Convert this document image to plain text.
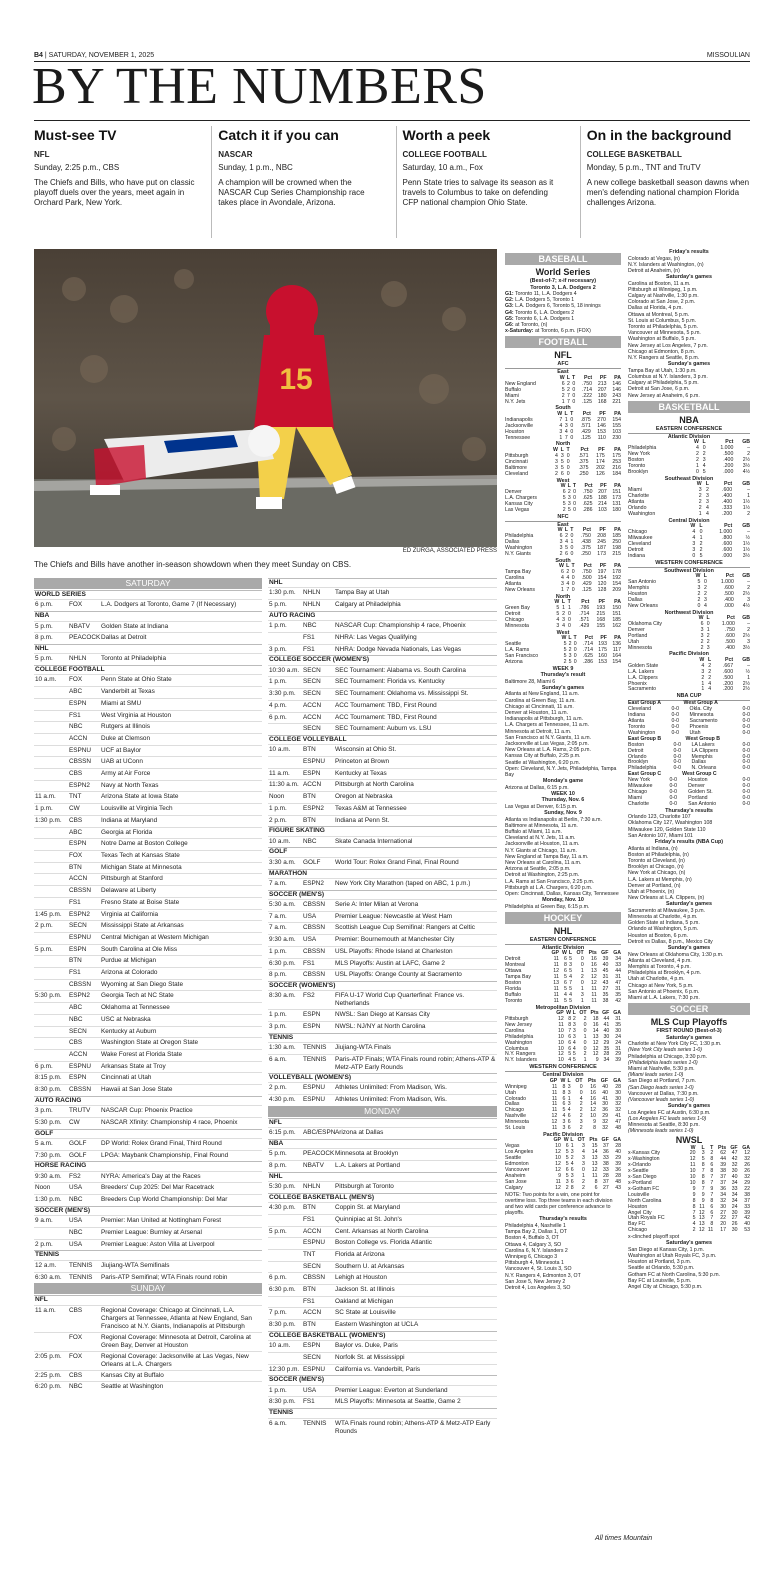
B4 | SATURDAY, NOVEMBER 1, 2025	MISSOULIAN
BY THE NUMBERS
Must-see TV
NFL
Sunday, 2:25 p.m., CBS
The Chiefs and Bills, who have put on classic playoff duels over the years, meet again in Orchard Park, New York.
Catch it if you can
NASCAR
Sunday, 1 p.m., NBC
A champion will be crowned when the NASCAR Cup Series Championship race takes place in Avondale, Arizona.
Worth a peek
COLLEGE FOOTBALL
Saturday, 10 a.m., Fox
Penn State tries to salvage its season as it travels to Columbus to take on defending CFP national champion Ohio State.
On in the background
COLLEGE BASKETBALL
Monday, 5 p.m., TNT and TruTV
A new college basketball season dawns when men's defending national champion Florida challenges Arizona.
15
ED ZURGA, ASSOCIATED PRESS
The Chiefs and Bills have another in-season showdown when they meet Sunday on CBS.
SATURDAY
WORLD SERIES
6 p.m.	FOX	L.A. Dodgers at Toronto, Game 7 (If Necessary)
NBA
5 p.m.	NBATV	Golden State at Indiana
8 p.m.	PEACOCK Dallas at Detroit
NHL
5 p.m.	NHLN	Toronto at Philadelphia
COLLEGE FOOTBALL
10 a.m.	FOX	Penn State at Ohio State
ABC	Vanderbilt at Texas
ESPN	Miami at SMU
FS1	West Virginia at Houston
NBC	Rutgers at Illinois
ACCN	Duke at Clemson
ESPNU	UCF at Baylor
CBSSN	UAB at UConn
CBS	Army at Air Force
ESPN2	Navy at North Texas
11 a.m.	TNT	Arizona State at Iowa State
1 p.m.	CW	Louisville at Virginia Tech
1:30 p.m.	CBS	Indiana at Maryland
ABC	Georgia at Florida
ESPN	Notre Dame at Boston College
FOX	Texas Tech at Kansas State
BTN	Michigan State at Minnesota
ACCN	Pittsburgh at Stanford
CBSSN	Delaware at Liberty
FS1	Fresno State at Boise State
1:45 p.m.	ESPN2	Virginia at California
2 p.m.	SECN	Mississippi State at Arkansas
ESPNU	Central Michigan at Western Michigan
5 p.m.	ESPN	South Carolina at Ole Miss
BTN	Purdue at Michigan
FS1	Arizona at Colorado
CBSSN	Wyoming at San Diego State
5:30 p.m.	ESPN2	Georgia Tech at NC State
ABC	Oklahoma at Tennessee
NBC	USC at Nebraska
SECN	Kentucky at Auburn
CBS	Washington State at Oregon State
ACCN	Wake Forest at Florida State
6 p.m.	ESPNU	Arkansas State at Troy
8:15 p.m.	ESPN	Cincinnati at Utah
8:30 p.m.	CBSSN	Hawaii at San Jose State
AUTO RACING
3 p.m.	TRUTV	NASCAR Cup: Phoenix Practice
5:30 p.m.	CW	NASCAR Xfinity: Championship 4 race, Phoenix
GOLF
5 a.m.	GOLF	DP World: Rolex Grand Final, Third Round
7:30 p.m.	GOLF	LPGA: Maybank Championship, Final Round
HORSE RACING
9:30 a.m.	FS2	NYRA: America's Day at the Races
Noon	USA	Breeders' Cup 2025: Del Mar Racetrack
1:30 p.m.	NBC	Breeders Cup World Championship: Del Mar
SOCCER (MEN'S)
9 a.m.	USA	Premier: Man United at Nottingham Forest
NBC	Premier League: Burnley at Arsenal
2 p.m.	USA	Premier League: Aston Villa at Liverpool
TENNIS
12 a.m.	TENNIS	Jiujiang-WTA Semifinals
6:30 a.m.	TENNIS	Paris-ATP Semifinal; WTA Finals round robin
SUNDAY
NFL
11 a.m.	CBS	Regional Coverage: Chicago at Cincinnati, L.A. Chargers at Tennessee, Atlanta at New England, San Francisco at N.Y. Giants, Indianapolis at Pittsburgh
FOX	Regional Coverage: Minnesota at Detroit, Carolina at Green Bay, Denver at Houston
2:05 p.m.	FOX	Regional Coverage: Jacksonville at Las Vegas, New Orleans at L.A. Chargers
2:25 p.m.	CBS	Kansas City at Buffalo
6:20 p.m.	NBC	Seattle at Washington
NHL
1:30 p.m.	NHLN	Tampa Bay at Utah
5 p.m.	NHLN	Calgary at Philadelphia
AUTO RACING
1 p.m.	NBC	NASCAR Cup: Championship 4 race, Phoenix
FS1	NHRA: Las Vegas Qualifying
3 p.m.	FS1	NHRA: Dodge Nevada Nationals, Las Vegas
COLLEGE SOCCER (WOMEN'S)
10:30 a.m. SECN	SEC Tournament: Alabama vs. South Carolina
1 p.m.	SECN	SEC Tournament: Florida vs. Kentucky
3:30 p.m.	SECN	SEC Tournament: Oklahoma vs. Mississippi St.
4 p.m.	ACCN	ACC Tournament: TBD, First Round
6 p.m.	ACCN	ACC Tournament: TBD, First Round
SECN	SEC Tournament: Auburn vs. LSU
COLLEGE VOLLEYBALL
10 a.m.	BTN	Wisconsin at Ohio St.
ESPNU	Princeton at Brown
11 a.m.	ESPN	Kentucky at Texas
11:30 a.m. ACCN	Pittsburgh at North Carolina
Noon	BTN	Oregon at Nebraska
1 p.m.	ESPN2	Texas A&M at Tennessee
2 p.m.	BTN	Indiana at Penn St.
FIGURE SKATING
10 a.m.	NBC	Skate Canada International
GOLF
3:30 a.m.	GOLF	World Tour: Rolex Grand Final, Final Round
MARATHON
7 a.m.	ESPN2	New York City Marathon (taped on ABC, 1 p.m.)
SOCCER (MEN'S)
5:30 a.m.	CBSSN	Serie A: Inter Milan at Verona
7 a.m.	USA	Premier League: Newcastle at West Ham
7 a.m.	CBSSN	Scottish League Cup Semifinal: Rangers at Celtic
9:30 a.m.	USA	Premier: Bournemouth at Manchester City
1 p.m.	CBSSN	USL Playoffs: Rhode Island at Charleston
6:30 p.m.	FS1	MLS Playoffs: Austin at LAFC, Game 2
8 p.m.	CBSSN	USL Playoffs: Orange County at Sacramento
SOCCER (WOMEN'S)
8:30 a.m.	FS2	FIFA U-17 World Cup Quarterfinal: France vs. Netherlands
1 p.m.	ESPN	NWSL: San Diego at Kansas City
3 p.m.	ESPN	NWSL: NJ/NY at North Carolina
TENNIS
1:30 a.m.	TENNIS	Jiujiang-WTA Finals
6 a.m.	TENNIS	Paris-ATP Finals; WTA Finals round robin; Athens-ATP & Metz-ATP Early Rounds
VOLLEYBALL (WOMEN'S)
2 p.m.	ESPNU	Athletes Unlimited: From Madison, Wis.
4:30 p.m.	ESPNU	Athletes Unlimited: From Madison, Wis.
MONDAY
NFL
6:15 p.m.	ABC/ESPN Arizona at Dallas
NBA
5 p.m.	PEACOCK Minnesota at Brooklyn
8 p.m.	NBATV	L.A. Lakers at Portland
NHL
5:30 p.m.	NHLN	Pittsburgh at Toronto
COLLEGE BASKETBALL (MEN'S)
4:30 p.m.	BTN	Coppin St. at Maryland
FS1	Quinnipiac at St. John's
5 p.m.	ACCN	Cent. Arkansas at North Carolina
ESPNU	Boston College vs. Florida Atlantic
TNT	Florida at Arizona
SECN	Southern U. at Arkansas
6 p.m.	CBSSN	Lehigh at Houston
6:30 p.m.	BTN	Jackson St. at Illinois
FS1	Oakland at Michigan
7 p.m.	ACCN	SC State at Louisville
8:30 p.m.	BTN	Eastern Washington at UCLA
COLLEGE BASKETBALL (WOMEN'S)
10 a.m.	ESPN	Baylor vs. Duke, Paris
SECN	Norfolk St. at Mississippi
12:30 p.m. ESPNU	California vs. Vanderbilt, Paris
SOCCER (MEN'S)
1 p.m.	USA	Premier League: Everton at Sunderland
8:30 p.m.	FS1	MLS Playoffs: Minnesota at Seattle, Game 2
TENNIS
6 a.m.	TENNIS	WTA Finals round robin; Athens-ATP & Metz-ATP Early Rounds
BASEBALL
World Series
(Best-of-7; x-if necessary)
Toronto 3, L.A. Dodgers 2
G1: Toronto 11, L.A. Dodgers 4
G2: L.A. Dodgers 5, Toronto 1
G3: L.A. Dodgers 6, Toronto 5, 18 innings
G4: Toronto 6, L.A. Dodgers 2
G5: Toronto 6, L.A. Dodgers 1
G6: at Toronto, (n)
x-Saturday: at Toronto, 6 p.m. (FOX)
FOOTBALL
NFL
AFC
East
	W	L	T	Pct	PF	PA
New England	6	2	0	.750	213	146
Buffalo	5	2	0	.714	207	146
Miami	2	7	0	.222	180	243
N.Y. Jets	1	7	0	.125	168	221
South
	W	L	T	Pct	PF	PA
Indianapolis	7	1	0	.875	270	154
Jacksonville	4	3	0	.571	146	155
Houston	3	4	0	.429	153	103
Tennessee	1	7	0	.125	110	230
North
	W	L	T	Pct	PF	PA
Pittsburgh	4	3	0	.571	175	175
Cincinnati	3	5	0	.375	174	253
Baltimore	3	5	0	.375	202	216
Cleveland	2	6	0	.250	126	184
West
	W	L	T	Pct	PF	PA
Denver	6	2	0	.750	207	151
L.A. Chargers	5	3	0	.625	188	173
Kansas City	5	3	0	.625	214	131
Las Vegas	2	5	0	.286	103	180
NFC
East
	W	L	T	Pct	PF	PA
Philadelphia	6	2	0	.750	208	185
Dallas	3	4	1	.438	245	250
Washington	3	5	0	.375	187	198
N.Y. Giants	2	6	0	.250	173	215
South
	W	L	T	Pct	PF	PA
Tampa Bay	6	2	0	.750	197	178
Carolina	4	4	0	.500	154	192
Atlanta	3	4	0	.429	120	154
New Orleans	1	7	0	.125	128	209
North
	W	L	T	Pct	PF	PA
Green Bay	5	1	1	.786	193	150
Detroit	5	2	0	.714	215	151
Chicago	4	3	0	.571	168	185
Minnesota	3	4	0	.429	155	162
West
	W	L	T	Pct	PF	PA
Seattle	5	2	0	.714	193	136
L.A. Rams	5	2	0	.714	175	117
San Francisco	5	3	0	.625	160	164
Arizona	2	5	0	.286	153	154
WEEK 9
Thursday's result
Baltimore 28, Miami 6
Sunday's games
Atlanta at New England, 11 a.m.
Carolina at Green Bay, 11 a.m.
Chicago at Cincinnati, 11 a.m.
Denver at Houston, 11 a.m.
Indianapolis at Pittsburgh, 11 a.m.
L.A. Chargers at Tennessee, 11 a.m.
Minnesota at Detroit, 11 a.m.
San Francisco at N.Y. Giants, 11 a.m.
Jacksonville at Las Vegas, 2:05 p.m.
New Orleans at L.A. Rams, 2:05 p.m.
Kansas City at Buffalo, 2:25 p.m.
Seattle at Washington, 6:20 p.m.
Open: Cleveland, N.Y. Jets, Philadelphia, Tampa Bay
Monday's game
Arizona at Dallas, 6:15 p.m.
WEEK 10
Thursday, Nov. 6
Las Vegas at Denver, 6:15 p.m.
Sunday, Nov. 9
Atlanta vs Indianapolis at Berlin, 7:30 a.m.
Baltimore at Minnesota, 11 a.m.
Buffalo at Miami, 11 a.m.
Cleveland at N.Y. Jets, 11 a.m.
Jacksonville at Houston, 11 a.m.
N.Y. Giants at Chicago, 11 a.m.
New England at Tampa Bay, 11 a.m.
New Orleans at Carolina, 11 a.m.
Arizona at Seattle, 2:05 p.m.
Detroit at Washington, 2:25 p.m.
L.A. Rams at San Francisco, 2:25 p.m.
Pittsburgh at L.A. Chargers, 6:20 p.m.
Open: Cincinnati, Dallas, Kansas City, Tennessee
Monday, Nov. 10
Philadelphia at Green Bay, 6:15 p.m.
HOCKEY
NHL
EASTERN CONFERENCE
Atlantic Division
	GP	W	L	OT	Pts	GF	GA
Detroit	11	6	5	0	16	39	34
Montreal	11	8	3	0	16	40	33
Ottawa	12	6	5	1	13	45	44
Tampa Bay	11	5	4	2	12	31	31
Boston	13	6	7	0	12	43	47
Florida	11	5	5	1	11	27	31
Buffalo	11	4	4	3	11	35	35
Toronto	11	5	5	1	11	38	42
Metropolitan Division
	GP	W	L	OT	Pts	GF	GA
Pittsburgh	12	8	2	2	18	44	31
New Jersey	11	8	3	0	16	41	35
Carolina	10	7	3	0	14	40	30
Philadelphia	10	6	3	1	13	30	24
Washington	10	6	4	0	12	29	24
Columbus	10	6	4	0	12	35	31
N.Y. Rangers	12	5	5	2	12	28	29
N.Y. Islanders	10	4	5	1	9	34	39
WESTERN CONFERENCE
Central Division
	GP	W	L	OT	Pts	GF	GA
Winnipeg	11	8	3	0	16	40	28
Utah	11	8	3	0	16	40	30
Colorado	11	6	1	4	16	41	30
Dallas	11	6	3	2	14	30	32
Chicago	11	5	4	2	12	36	32
Nashville	12	4	6	2	10	29	41
Minnesota	12	3	6	3	9	32	47
St. Louis	11	3	6	2	8	32	48
Pacific Division
	GP	W	L	OT	Pts	GF	GA
Vegas	10	6	1	3	15	37	28
Los Angeles	12	5	3	4	14	36	40
Seattle	10	5	2	3	13	33	29
Edmonton	12	5	4	3	13	38	39
Vancouver	12	6	6	0	12	33	36
Anaheim	9	5	3	1	11	28	28
San Jose	11	3	6	2	8	37	48
Calgary	12	2	8	2	6	27	43
NOTE: Two points for a win, one point for overtime loss. Top three teams in each division and two wild cards per conference advance to playoffs.
Thursday's results
Philadelphia 4, Nashville 1
Tampa Bay 2, Dallas 1, OT
Boston 4, Buffalo 3, OT
Ottawa 4, Calgary 3, SO
Carolina 6, N.Y. Islanders 2
Winnipeg 6, Chicago 3
Pittsburgh 4, Minnesota 1
Vancouver 4, St. Louis 3, SO
N.Y. Rangers 4, Edmonton 3, OT
San Jose 5, New Jersey 2
Detroit 4, Los Angeles 3, SO
Friday's results
Colorado at Vegas, (n)
N.Y. Islanders at Washington, (n)
Detroit at Anaheim, (n)
Saturday's games
Carolina at Boston, 11 a.m.
Pittsburgh at Winnipeg, 1 p.m.
Calgary at Nashville, 1:30 p.m.
Colorado at San Jose, 2 p.m.
Dallas at Florida, 4 p.m.
Ottawa at Montreal, 5 p.m.
St. Louis at Columbus, 5 p.m.
Toronto at Philadelphia, 5 p.m.
Vancouver at Minnesota, 5 p.m.
Washington at Buffalo, 5 p.m.
New Jersey at Los Angeles, 7 p.m.
Chicago at Edmonton, 8 p.m.
N.Y. Rangers at Seattle, 8 p.m.
Sunday's games
Tampa Bay at Utah, 1:30 p.m.
Columbus at N.Y. Islanders, 3 p.m.
Calgary at Philadelphia, 5 p.m.
Detroit at San Jose, 6 p.m.
New Jersey at Anaheim, 6 p.m.
BASKETBALL
NBA
EASTERN CONFERENCE
Atlantic Division
	W	L	Pct	GB
Philadelphia	4	0	1.000	–
New York	2	2	.500	2
Boston	2	3	.400	2½
Toronto	1	4	.200	3½
Brooklyn	0	5	.000	4½
Southeast Division
	W	L	Pct	GB
Miami	3	2	.600	–
Charlotte	2	3	.400	1
Atlanta	2	3	.400	1½
Orlando	2	4	.333	1½
Washington	1	4	.200	2
Central Division
	W	L	Pct	GB
Chicago	4	0	1.000	–
Milwaukee	4	1	.800	½
Cleveland	3	2	.600	1½
Detroit	3	2	.600	1½
Indiana	0	5	.000	3½
WESTERN CONFERENCE
Southwest Division
	W	L	Pct	GB
San Antonio	5	0	1.000	–
Memphis	3	2	.600	2
Houston	2	2	.500	2½
Dallas	2	3	.400	3
New Orleans	0	4	.000	4½
Northwest Division
	W	L	Pct	GB
Oklahoma City	6	0	1.000	–
Denver	3	1	.750	2
Portland	3	2	.600	2½
Utah	2	2	.500	3
Minnesota	2	3	.400	3½
Pacific Division
	W	L	Pct	GB
Golden State	4	2	.667	–
L.A. Lakers	3	2	.600	½
L.A. Clippers	2	2	.500	1
Phoenix	1	4	.200	2½
Sacramento	1	4	.200	2½
NBA CUP
East Group A		West Group A	
Cleveland	0-0	Okla. City	0-0
Indiana	0-0	Minnesota	0-0
Atlanta	0-0	Sacramento	0-0
Toronto	0-0	Phoenix	0-0
Washington	0-0	Utah	0-0
East Group B		West Group B	
Boston	0-0	LA Lakers	0-0
Detroit	0-0	LA Clippers	0-0
Orlando	0-0	Memphis	0-0
Brooklyn	0-0	Dallas	0-0
Philadelphia	0-0	N. Orleans	0-0
East Group C		West Group C	
New York	0-0	Houston	0-0
Milwaukee	0-0	Denver	0-0
Chicago	0-0	Golden St.	0-0
Miami	0-0	Portland	0-0
Charlotte	0-0	San Antonio	0-0
Thursday's results
Orlando 123, Charlotte 107
Oklahoma City 127, Washington 108
Milwaukee 120, Golden State 110
San Antonio 107, Miami 101
Friday's results (NBA Cup)
Atlanta at Indiana, (n)
Boston at Philadelphia, (n)
Toronto at Cleveland, (n)
Brooklyn at Chicago, (n)
New York at Chicago, (n)
L.A. Lakers at Memphis, (n)
Denver at Portland, (n)
Utah at Phoenix, (n)
New Orleans at L.A. Clippers, (n)
Saturday's games
Sacramento at Milwaukee, 3 p.m.
Minnesota at Charlotte, 4 p.m.
Golden State at Indiana, 5 p.m.
Orlando at Washington, 5 p.m.
Houston at Boston, 6 p.m.
Detroit vs Dallas, 8 p.m., Mexico City
Sunday's games
New Orleans at Oklahoma City, 1:30 p.m.
Atlanta at Cleveland, 4 p.m.
Memphis at Toronto, 4 p.m.
Philadelphia at Brooklyn, 4 p.m.
Utah at Charlotte, 4 p.m.
Chicago at New York, 5 p.m.
San Antonio at Phoenix, 6 p.m.
Miami at L.A. Lakers, 7:30 p.m.
SOCCER
MLS Cup Playoffs
FIRST ROUND (Best-of-3)
Saturday's games
Charlotte at New York City FC, 1:30 p.m.
(New York City leads series 1-0)
Philadelphia at Chicago, 3:30 p.m.
(Philadelphia leads series 1-0)
Miami at Nashville, 5:30 p.m.
(Miami leads series 1-0)
San Diego at Portland, 7 p.m.
(San Diego leads series 1-0)
Vancouver at Dallas, 7:30 p.m.
(Vancouver leads series 1-0)
Sunday's games
Los Angeles FC at Austin, 6:30 p.m.
(Los Angeles FC leads series 1-0)
Minnesota at Seattle, 8:30 p.m.
(Minnesota leads series 1-0)
NWSL
	W	L	T	Pts	GF	GA
x-Kansas City	20	3	2	62	47	12
x-Washington	12	5	8	44	42	32
x-Orlando	11	8	6	39	32	26
x-Seattle	10	7	8	38	30	26
x-San Diego	10	8	7	37	40	32
x-Portland	10	8	7	37	34	29
x-Gotham FC	9	7	9	36	33	22
Louisville	9	9	7	34	34	38
North Carolina	8	9	8	32	34	37
Houston	8	11	6	30	24	33
Angel City	7	12	6	27	30	39
Utah Royals FC	5	13	7	22	27	42
Bay FC	4	13	8	20	26	40
Chicago	2	12	11	17	30	53
x-clinched playoff spot
Saturday's games
San Diego at Kansas City, 1 p.m.
Washington at Utah Royals FC, 3 p.m.
Houston at Portland, 3 p.m.
Seattle at Orlando, 5:30 p.m.
Gotham FC at North Carolina, 5:30 p.m.
Bay FC at Louisville, 5 p.m.
Angel City at Chicago, 5:30 p.m.
All times Mountain
